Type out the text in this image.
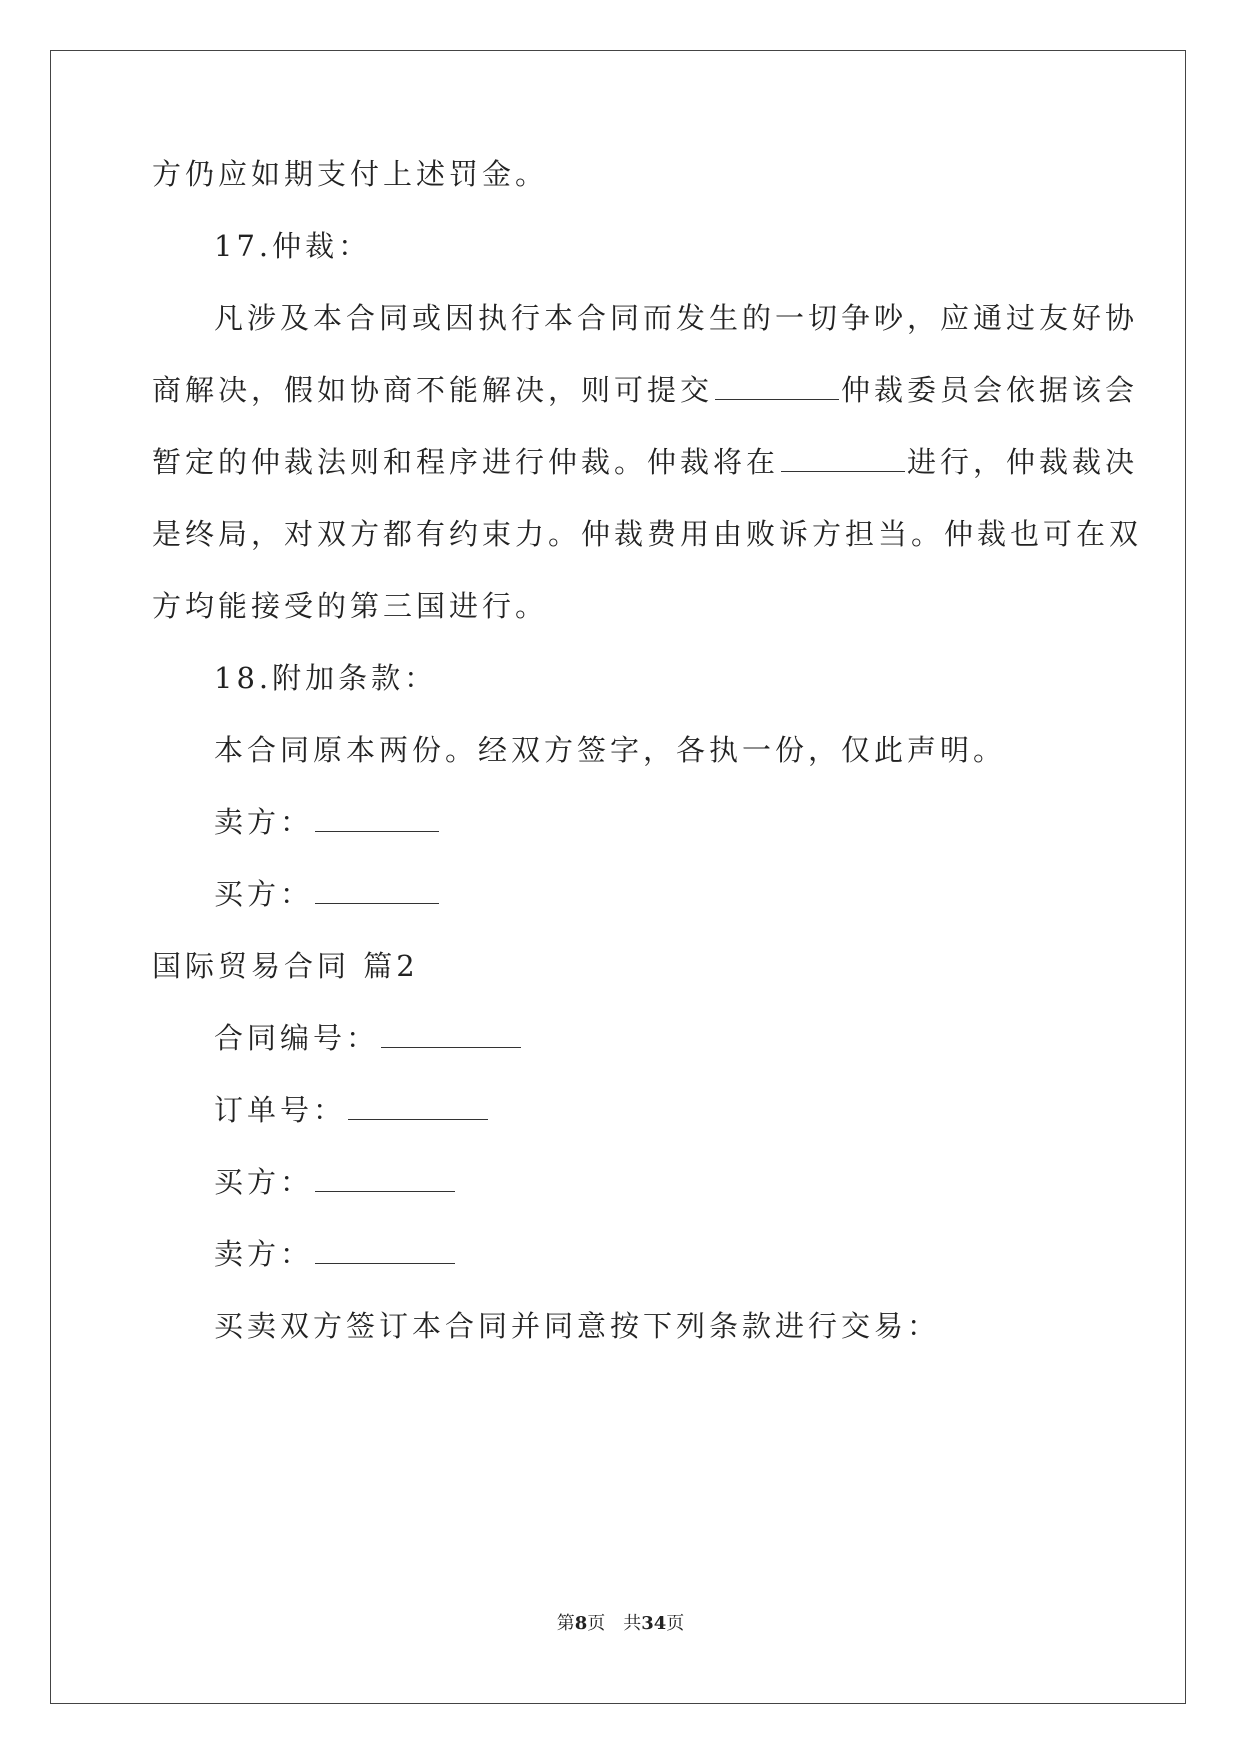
方仍应如期支付上述罚金。
17.仲裁：
凡涉及本合同或因执行本合同而发生的一切争吵，应通过友好协
商解决，假如协商不能解决，则可提交	仲裁委员会依据该会
暂定的仲裁法则和程序进行仲裁。仲裁将在	进行，仲裁裁决
是终局，对双方都有约束力。仲裁费用由败诉方担当。仲裁也可在双
方均能接受的第三国进行。
18.附加条款：
本合同原本两份。经双方签字，各执一份，仅此声明。
卖方：
买方：
国际贸易合同 篇2
合同编号：
订单号：
买方：
卖方：
买卖双方签订本合同并同意按下列条款进行交易：
第8页　共34页
